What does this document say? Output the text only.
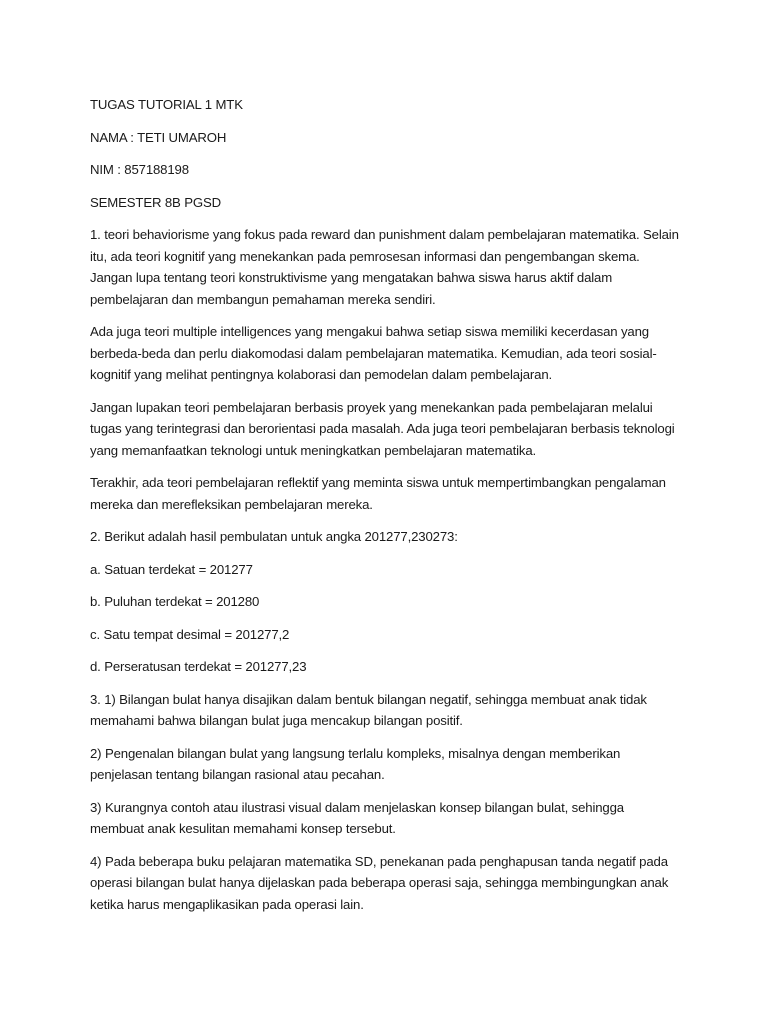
TUGAS TUTORIAL 1 MTK

NAMA : TETI UMAROH

NIM : 857188198

SEMESTER 8B PGSD

1. teori behaviorisme yang fokus pada reward dan punishment dalam pembelajaran matematika. Selain itu, ada teori kognitif yang menekankan pada pemrosesan informasi dan pengembangan skema. Jangan lupa tentang teori konstruktivisme yang mengatakan bahwa siswa harus aktif dalam pembelajaran dan membangun pemahaman mereka sendiri.

Ada juga teori multiple intelligences yang mengakui bahwa setiap siswa memiliki kecerdasan yang berbeda-beda dan perlu diakomodasi dalam pembelajaran matematika. Kemudian, ada teori sosial-kognitif yang melihat pentingnya kolaborasi dan pemodelan dalam pembelajaran.

Jangan lupakan teori pembelajaran berbasis proyek yang menekankan pada pembelajaran melalui tugas yang terintegrasi dan berorientasi pada masalah. Ada juga teori pembelajaran berbasis teknologi yang memanfaatkan teknologi untuk meningkatkan pembelajaran matematika.

Terakhir, ada teori pembelajaran reflektif yang meminta siswa untuk mempertimbangkan pengalaman mereka dan merefleksikan pembelajaran mereka.

2. Berikut adalah hasil pembulatan untuk angka 201277,230273:

a. Satuan terdekat = 201277

b. Puluhan terdekat = 201280

c. Satu tempat desimal = 201277,2

d. Perseratusan terdekat = 201277,23

3. 1) Bilangan bulat hanya disajikan dalam bentuk bilangan negatif, sehingga membuat anak tidak memahami bahwa bilangan bulat juga mencakup bilangan positif.

2) Pengenalan bilangan bulat yang langsung terlalu kompleks, misalnya dengan memberikan penjelasan tentang bilangan rasional atau pecahan.

3) Kurangnya contoh atau ilustrasi visual dalam menjelaskan konsep bilangan bulat, sehingga membuat anak kesulitan memahami konsep tersebut.

4) Pada beberapa buku pelajaran matematika SD, penekanan pada penghapusan tanda negatif pada operasi bilangan bulat hanya dijelaskan pada beberapa operasi saja, sehingga membingungkan anak ketika harus mengaplikasikan pada operasi lain.
